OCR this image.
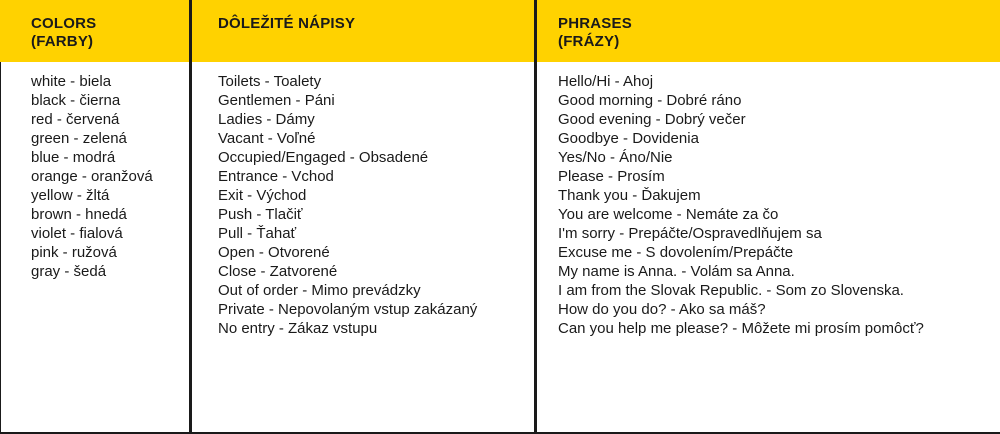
COLORS
(FARBY)
white - biela
black - čierna
red - červená
green - zelená
blue - modrá
orange - oranžová
yellow - žltá
brown - hnedá
violet - fialová
pink - ružová
gray - šedá
DÔLEŽITÉ NÁPISY
Toilets - Toalety
Gentlemen - Páni
Ladies - Dámy
Vacant - Voľné
Occupied/Engaged - Obsadené
Entrance - Vchod
Exit - Východ
Push - Tlačiť
Pull - Ťahať
Open - Otvorené
Close - Zatvorené
Out of order - Mimo prevádzky
Private - Nepovolaným vstup zakázaný
No entry - Zákaz vstupu
PHRASES
(FRÁZY)
Hello/Hi - Ahoj
Good morning - Dobré ráno
Good evening - Dobrý večer
Goodbye - Dovidenia
Yes/No - Áno/Nie
Please - Prosím
Thank you - Ďakujem
You are welcome - Nemáte za čo
I'm sorry - Prepáčte/Ospravedlňujem sa
Excuse me - S dovolením/Prepáčte
My name is Anna. - Volám sa Anna.
I am from the Slovak Republic. - Som zo Slovenska.
How do you do? - Ako sa máš?
Can you help me please? - Môžete mi prosím pomôcť?
